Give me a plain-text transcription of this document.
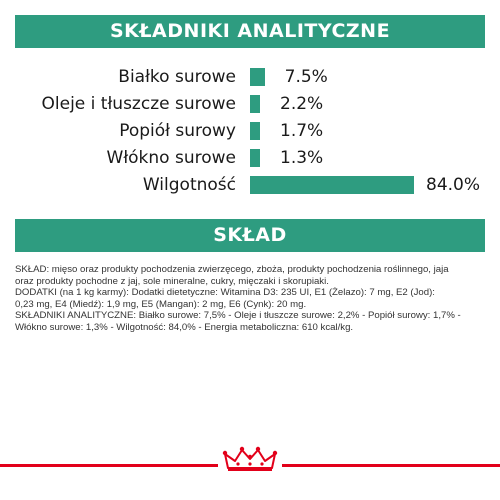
SKŁADNIKI ANALITYCZNE
Białko surowe	7.5%
Oleje i tłuszcze surowe	2.2%
Popiół surowy	1.7%
Włókno surowe	1.3%
Wilgotność	84.0%
SKŁAD

SKŁAD: mięso oraz produkty pochodzenia zwierzęcego, zboża, produkty pochodzenia roślinnego, jaja

oraz produkty pochodne z jaj, sole mineralne, cukry, mięczaki i skorupiaki.

DODATKI (na 1 kg karmy): Dodatki dietetyczne: Witamina D3: 235 UI, E1 (Żelazo): 7 mg, E2 (Jod):

0,23 mg, E4 (Miedź): 1,9 mg, E5 (Mangan): 2 mg, E6 (Cynk): 20 mg.

SKŁADNIKI ANALITYCZNE: Białko surowe: 7,5% - Oleje i tłuszcze surowe: 2,2% - Popiół surowy: 1,7% -

Włókno surowe: 1,3% - Wilgotność: 84,0% - Energia metaboliczna: 610 kcal/kg.
